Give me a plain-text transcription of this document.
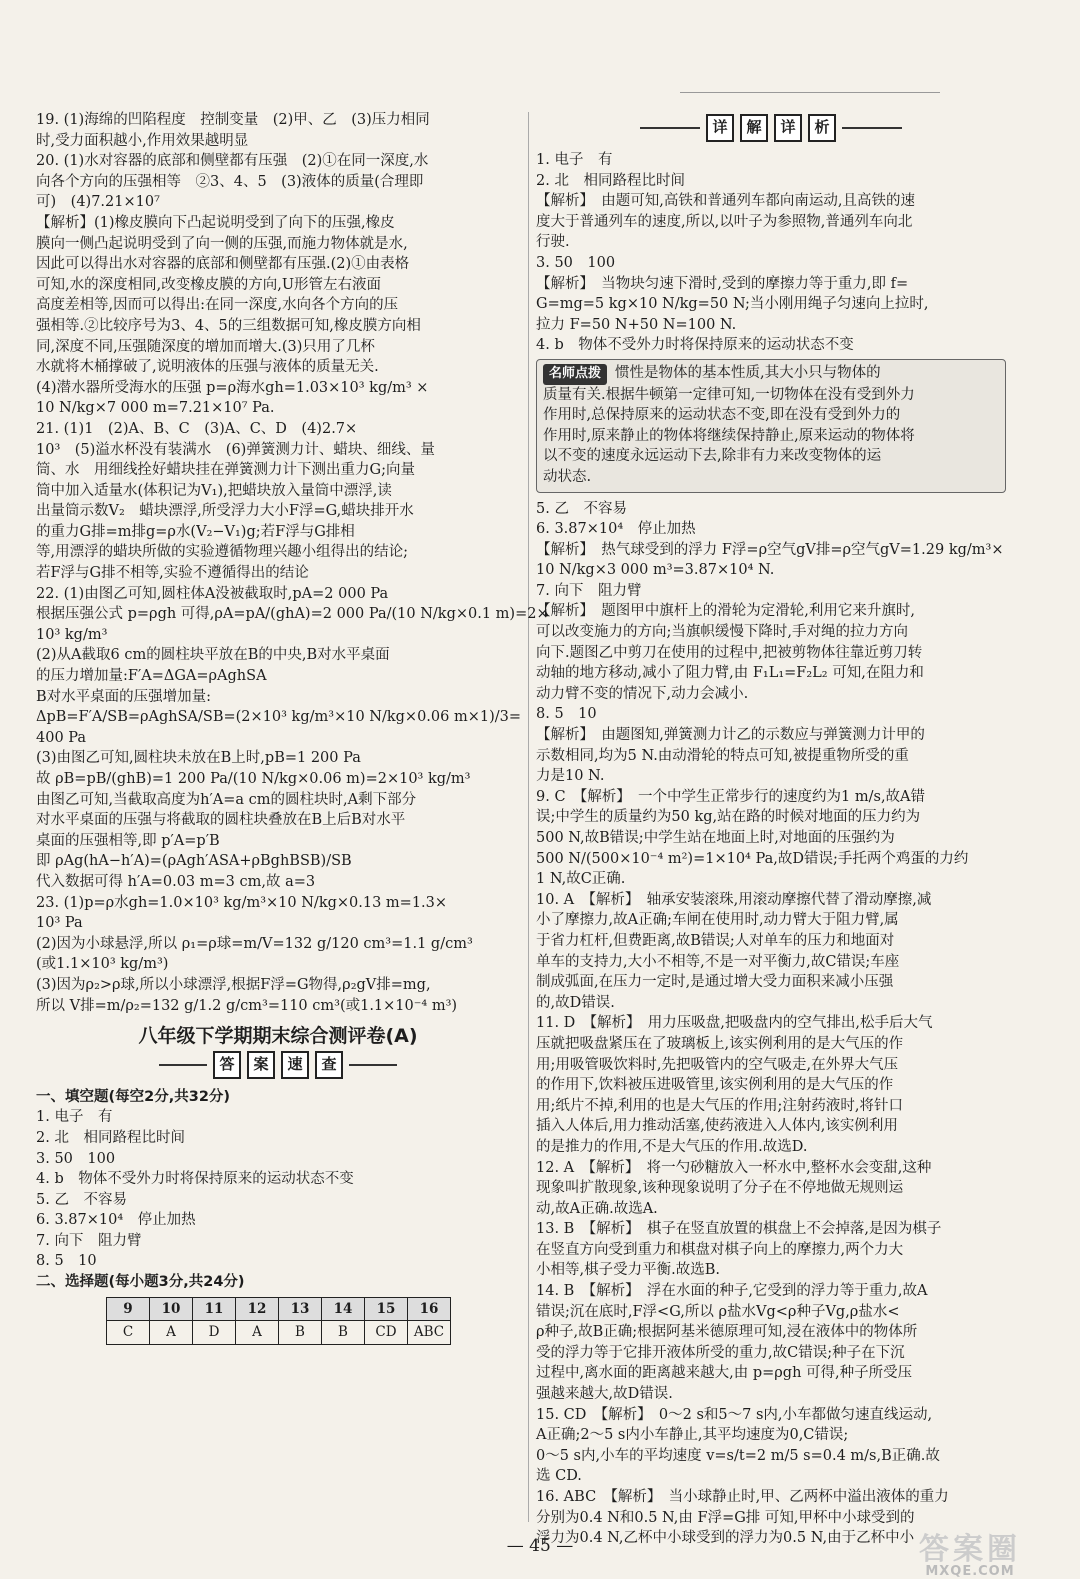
19. (1)海绵的凹陷程度　控制变量　(2)甲、乙　(3)压力相同
时,受力面积越小,作用效果越明显
20. (1)水对容器的底部和侧壁都有压强　(2)①在同一深度,水
向各个方向的压强相等　②3、4、5　(3)液体的质量(合理即
可)　(4)7.21×10⁷
【解析】(1)橡皮膜向下凸起说明受到了向下的压强,橡皮
膜向一侧凸起说明受到了向一侧的压强,而施力物体就是水,
因此可以得出水对容器的底部和侧壁都有压强.(2)①由表格
可知,水的深度相同,改变橡皮膜的方向,U形管左右液面
高度差相等,因而可以得出:在同一深度,水向各个方向的压
强相等.②比较序号为3、4、5的三组数据可知,橡皮膜方向相
同,深度不同,压强随深度的增加而增大.(3)只用了几杯
水就将木桶撑破了,说明液体的压强与液体的质量无关.
(4)潜水器所受海水的压强 p=ρ海水gh=1.03×10³ kg/m³ ×
10 N/kg×7 000 m=7.21×10⁷ Pa.
21. (1)1　(2)A、B、C　(3)A、C、D　(4)2.7×
10³　(5)溢水杯没有装满水　(6)弹簧测力计、蜡块、细线、量
筒、水　用细线拴好蜡块挂在弹簧测力计下测出重力G;向量
筒中加入适量水(体积记为V₁),把蜡块放入量筒中漂浮,读
出量筒示数V₂　蜡块漂浮,所受浮力大小F浮=G,蜡块排开水
的重力G排=m排g=ρ水(V₂−V₁)g;若F浮与G排相
等,用漂浮的蜡块所做的实验遵循物理兴趣小组得出的结论;
若F浮与G排不相等,实验不遵循得出的结论
22. (1)由图乙可知,圆柱体A没被截取时,pA=2 000 Pa
根据压强公式 p=ρgh 可得,ρA=pA/(ghA)=2 000 Pa/(10 N/kg×0.1 m)=2×
10³ kg/m³
(2)从A截取6 cm的圆柱块平放在B的中央,B对水平桌面
的压力增加量:F′A=ΔGA=ρAghSA
B对水平桌面的压强增加量:
ΔpB=F′A/SB=ρAghSA/SB=(2×10³ kg/m³×10 N/kg×0.06 m×1)/3=
400 Pa
(3)由图乙可知,圆柱块未放在B上时,pB=1 200 Pa
故 ρB=pB/(ghB)=1 200 Pa/(10 N/kg×0.06 m)=2×10³ kg/m³
由图乙可知,当截取高度为h′A=a cm的圆柱块时,A剩下部分
对水平桌面的压强与将截取的圆柱块叠放在B上后B对水平
桌面的压强相等,即 p′A=p′B
即 ρAg(hA−h′A)=(ρAgh′ASA+ρBghBSB)/SB
代入数据可得 h′A=0.03 m=3 cm,故 a=3
23. (1)p=ρ水gh=1.0×10³ kg/m³×10 N/kg×0.13 m=1.3×
10³ Pa
(2)因为小球悬浮,所以 ρ₁=ρ球=m/V=132 g/120 cm³=1.1 g/cm³
(或1.1×10³ kg/m³)
(3)因为ρ₂>ρ球,所以小球漂浮,根据F浮=G物得,ρ₂gV排=mg,
所以 V排=m/ρ₂=132 g/1.2 g/cm³=110 cm³(或1.1×10⁻⁴ m³)
八年级下学期期末综合测评卷(A)
答	案	速	查
一、填空题(每空2分,共32分)
1. 电子　有
2. 北　相同路程比时间
3. 50　100
4. b　物体不受外力时将保持原来的运动状态不变
5. 乙　不容易
6. 3.87×10⁴　停止加热
7. 向下　阻力臂
8. 5　10
二、选择题(每小题3分,共24分)
9	10	11	12	13	14	15	16
C	A	D	A	B	B	CD	ABC
详	解	详	析
1. 电子　有
2. 北　相同路程比时间
【解析】　由题可知,高铁和普通列车都向南运动,且高铁的速
度大于普通列车的速度,所以,以叶子为参照物,普通列车向北
行驶.
3. 50　100
【解析】　当物块匀速下滑时,受到的摩擦力等于重力,即 f=
G=mg=5 kg×10 N/kg=50 N;当小刚用绳子匀速向上拉时,
拉力 F=50 N+50 N=100 N.
4. b　物体不受外力时将保持原来的运动状态不变
名师点拨 惯性是物体的基本性质,其大小只与物体的
质量有关.根据牛顿第一定律可知,一切物体在没有受到外力
作用时,总保持原来的运动状态不变,即在没有受到外力的
作用时,原来静止的物体将继续保持静止,原来运动的物体将
以不变的速度永远运动下去,除非有力来改变物体的运
动状态.
5. 乙　不容易
6. 3.87×10⁴　停止加热
【解析】　热气球受到的浮力 F浮=ρ空气gV排=ρ空气gV=1.29 kg/m³×
10 N/kg×3 000 m³=3.87×10⁴ N.
7. 向下　阻力臂
【解析】　题图甲中旗杆上的滑轮为定滑轮,利用它来升旗时,
可以改变施力的方向;当旗帜缓慢下降时,手对绳的拉力方向
向下.题图乙中剪刀在使用的过程中,把被剪物体往靠近剪刀转
动轴的地方移动,减小了阻力臂,由 F₁L₁=F₂L₂ 可知,在阻力和
动力臂不变的情况下,动力会减小.
8. 5　10
【解析】　由题图知,弹簧测力计乙的示数应与弹簧测力计甲的
示数相同,均为5 N.由动滑轮的特点可知,被提重物所受的重
力是10 N.
9. C　【解析】　一个中学生正常步行的速度约为1 m/s,故A错
误;中学生的质量约为50 kg,站在路的时候对地面的压力约为
500 N,故B错误;中学生站在地面上时,对地面的压强约为
500 N/(500×10⁻⁴ m²)=1×10⁴ Pa,故D错误;手托两个鸡蛋的力约
1 N,故C正确.
10. A　【解析】　轴承安装滚珠,用滚动摩擦代替了滑动摩擦,减
小了摩擦力,故A正确;车闸在使用时,动力臂大于阻力臂,属
于省力杠杆,但费距离,故B错误;人对单车的压力和地面对
单车的支持力,大小不相等,不是一对平衡力,故C错误;车座
制成弧面,在压力一定时,是通过增大受力面积来减小压强
的,故D错误.
11. D　【解析】　用力压吸盘,把吸盘内的空气排出,松手后大气
压就把吸盘紧压在了玻璃板上,该实例利用的是大气压的作
用;用吸管吸饮料时,先把吸管内的空气吸走,在外界大气压
的作用下,饮料被压进吸管里,该实例利用的是大气压的作
用;纸片不掉,利用的也是大气压的作用;注射药液时,将针口
插入人体后,用力推动活塞,使药液进入人体内,该实例利用
的是推力的作用,不是大气压的作用.故选D.
12. A　【解析】　将一勺砂糖放入一杯水中,整杯水会变甜,这种
现象叫扩散现象,该种现象说明了分子在不停地做无规则运
动,故A正确.故选A.
13. B　【解析】　棋子在竖直放置的棋盘上不会掉落,是因为棋子
在竖直方向受到重力和棋盘对棋子向上的摩擦力,两个力大
小相等,棋子受力平衡.故选B.
14. B　【解析】　浮在水面的种子,它受到的浮力等于重力,故A
错误;沉在底时,F浮<G,所以 ρ盐水Vg<ρ种子Vg,ρ盐水<
ρ种子,故B正确;根据阿基米德原理可知,浸在液体中的物体所
受的浮力等于它排开液体所受的重力,故C错误;种子在下沉
过程中,离水面的距离越来越大,由 p=ρgh 可得,种子所受压
强越来越大,故D错误.
15. CD　【解析】　0～2 s和5～7 s内,小车都做匀速直线运动,
A正确;2～5 s内小车静止,其平均速度为0,C错误;
0～5 s内,小车的平均速度 v=s/t=2 m/5 s=0.4 m/s,B正确.故
选 CD.
16. ABC　【解析】　当小球静止时,甲、乙两杯中溢出液体的重力
分别为0.4 N和0.5 N,由 F浮=G排 可知,甲杯中小球受到的
浮力为0.4 N,乙杯中小球受到的浮力为0.5 N,由于乙杯中小
— 45 —	答案圈
MXQE.COM
